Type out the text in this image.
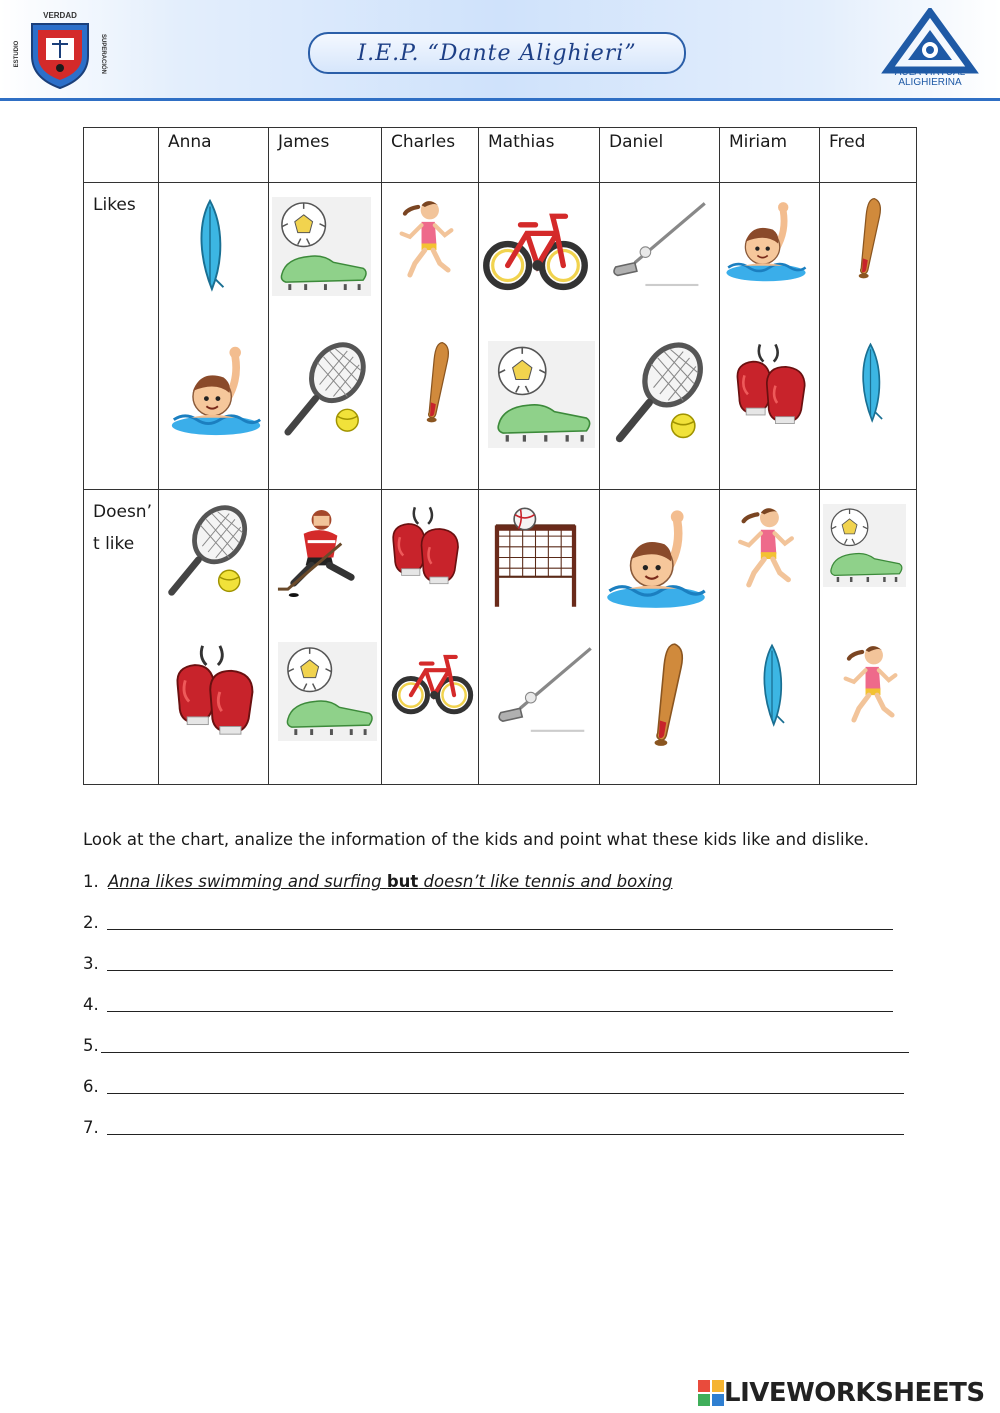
VERDAD
ESTUDIO	SUPERACIÓN	I.E.P. “Dante Alighieri”
AULA VIRTUAL
ALIGHIERINA

	Anna	James	Charles	Mathias	Daniel	Miriam	Fred

Likes

Doesn’
t like

Look at the chart, analize the information of the kids and point what these kids like and dislike.
1. Anna likes swimming and surfing but doesn’t like tennis and boxing
2.
3.
4.
5.
6.
7.
LIVEWORKSHEETS
